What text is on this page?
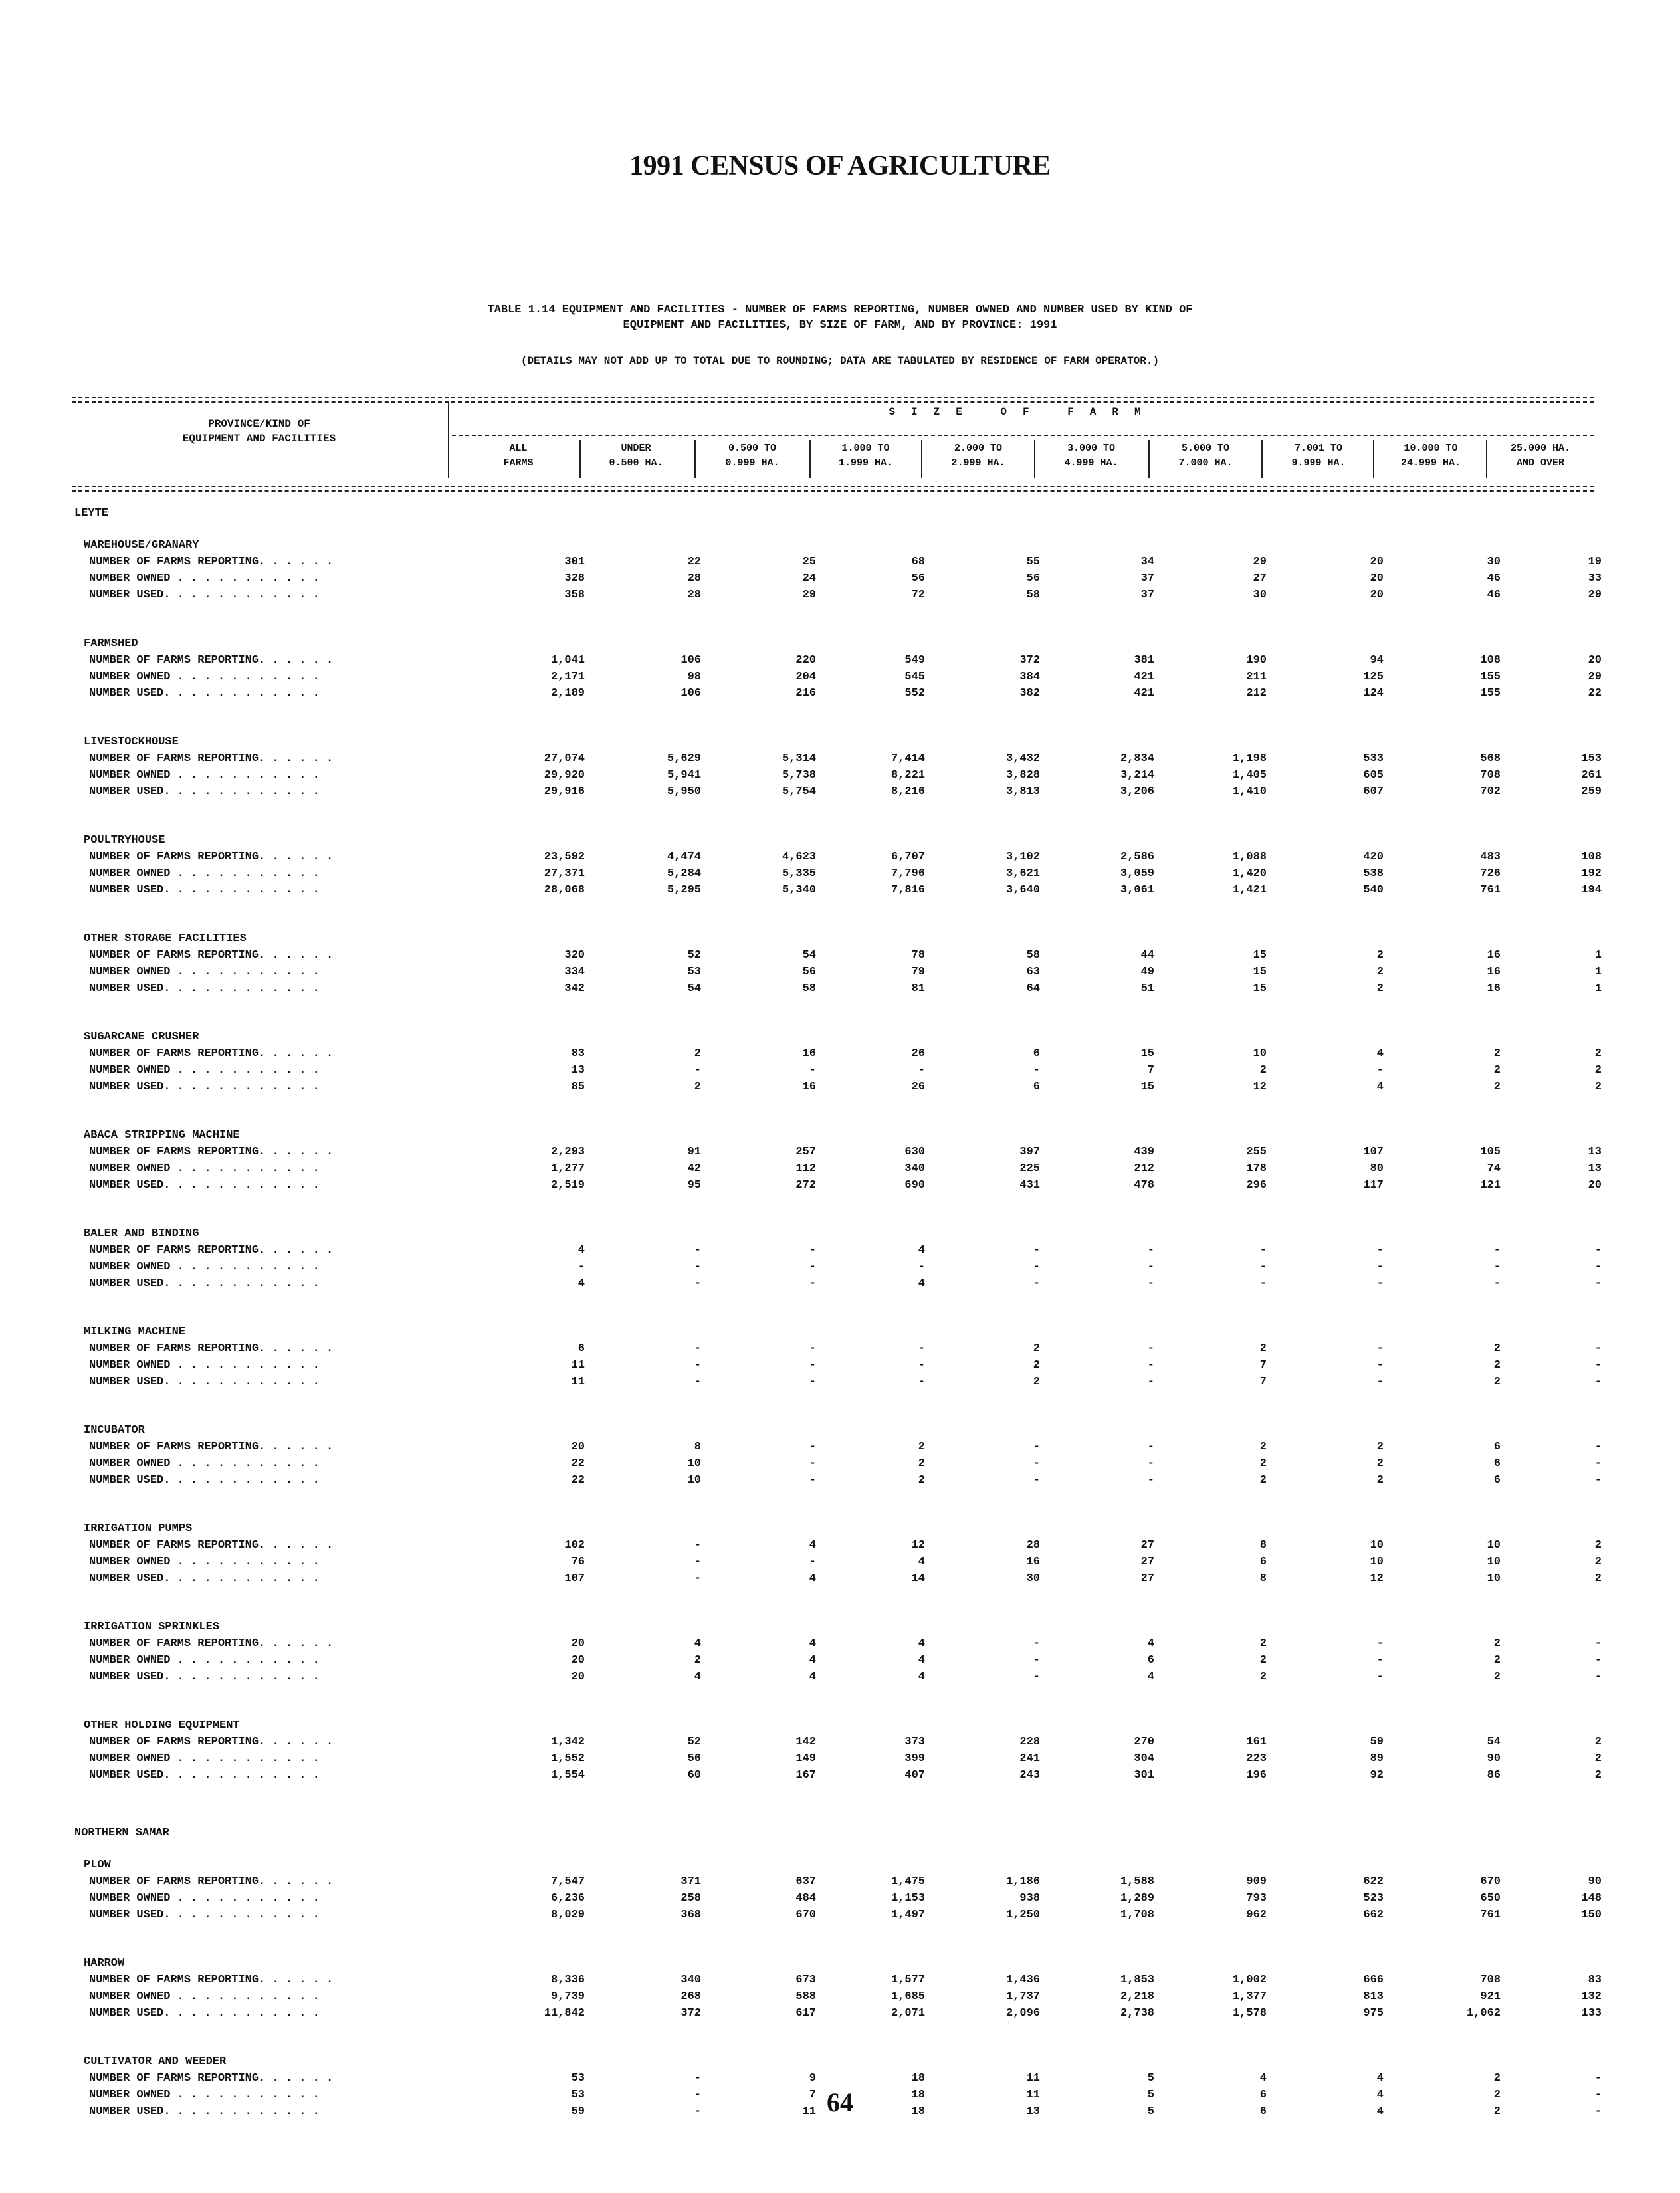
1991 CENSUS OF AGRICULTURE
TABLE 1.14 EQUIPMENT AND FACILITIES - NUMBER OF FARMS REPORTING, NUMBER OWNED AND NUMBER USED BY KIND OF
EQUIPMENT AND FACILITIES, BY SIZE OF FARM, AND BY PROVINCE: 1991
(DETAILS MAY NOT ADD UP TO TOTAL DUE TO ROUNDING; DATA ARE TABULATED BY RESIDENCE OF FARM OPERATOR.)
PROVINCE/KIND OF
EQUIPMENT AND FACILITIES
SIZE OF FARM
ALL
FARMS
UNDER
0.500 HA.
0.500 TO
0.999 HA.
1.000 TO
1.999 HA.
2.000 TO
2.999 HA.
3.000 TO
4.999 HA.
5.000 TO
7.000 HA.
7.001 TO
9.999 HA.
10.000 TO
24.999 HA.
25.000 HA.
AND OVER
LEYTE
WAREHOUSE/GRANARY
NUMBER OF FARMS REPORTING. . . . . .	301	22	25	68	55	34	29	20	30	19
NUMBER OWNED . . . . . . . . . . .	328	28	24	56	56	37	27	20	46	33
NUMBER USED. . . . . . . . . . . .	358	28	29	72	58	37	30	20	46	29
FARMSHED
NUMBER OF FARMS REPORTING. . . . . .	1,041	106	220	549	372	381	190	94	108	20
NUMBER OWNED . . . . . . . . . . .	2,171	98	204	545	384	421	211	125	155	29
NUMBER USED. . . . . . . . . . . .	2,189	106	216	552	382	421	212	124	155	22
LIVESTOCKHOUSE
NUMBER OF FARMS REPORTING. . . . . .	27,074	5,629	5,314	7,414	3,432	2,834	1,198	533	568	153
NUMBER OWNED . . . . . . . . . . .	29,920	5,941	5,738	8,221	3,828	3,214	1,405	605	708	261
NUMBER USED. . . . . . . . . . . .	29,916	5,950	5,754	8,216	3,813	3,206	1,410	607	702	259
POULTRYHOUSE
NUMBER OF FARMS REPORTING. . . . . .	23,592	4,474	4,623	6,707	3,102	2,586	1,088	420	483	108
NUMBER OWNED . . . . . . . . . . .	27,371	5,284	5,335	7,796	3,621	3,059	1,420	538	726	192
NUMBER USED. . . . . . . . . . . .	28,068	5,295	5,340	7,816	3,640	3,061	1,421	540	761	194
OTHER STORAGE FACILITIES
NUMBER OF FARMS REPORTING. . . . . .	320	52	54	78	58	44	15	2	16	1
NUMBER OWNED . . . . . . . . . . .	334	53	56	79	63	49	15	2	16	1
NUMBER USED. . . . . . . . . . . .	342	54	58	81	64	51	15	2	16	1
SUGARCANE CRUSHER
NUMBER OF FARMS REPORTING. . . . . .	83	2	16	26	6	15	10	4	2	2
NUMBER OWNED . . . . . . . . . . .	13	-	-	-	-	7	2	-	2	2
NUMBER USED. . . . . . . . . . . .	85	2	16	26	6	15	12	4	2	2
ABACA STRIPPING MACHINE
NUMBER OF FARMS REPORTING. . . . . .	2,293	91	257	630	397	439	255	107	105	13
NUMBER OWNED . . . . . . . . . . .	1,277	42	112	340	225	212	178	80	74	13
NUMBER USED. . . . . . . . . . . .	2,519	95	272	690	431	478	296	117	121	20
BALER AND BINDING
NUMBER OF FARMS REPORTING. . . . . .	4	-	-	4	-	-	-	-	-	-
NUMBER OWNED . . . . . . . . . . .	-	-	-	-	-	-	-	-	-	-
NUMBER USED. . . . . . . . . . . .	4	-	-	4	-	-	-	-	-	-
MILKING MACHINE
NUMBER OF FARMS REPORTING. . . . . .	6	-	-	-	2	-	2	-	2	-
NUMBER OWNED . . . . . . . . . . .	11	-	-	-	2	-	7	-	2	-
NUMBER USED. . . . . . . . . . . .	11	-	-	-	2	-	7	-	2	-
INCUBATOR
NUMBER OF FARMS REPORTING. . . . . .	20	8	-	2	-	-	2	2	6	-
NUMBER OWNED . . . . . . . . . . .	22	10	-	2	-	-	2	2	6	-
NUMBER USED. . . . . . . . . . . .	22	10	-	2	-	-	2	2	6	-
IRRIGATION PUMPS
NUMBER OF FARMS REPORTING. . . . . .	102	-	4	12	28	27	8	10	10	2
NUMBER OWNED . . . . . . . . . . .	76	-	-	4	16	27	6	10	10	2
NUMBER USED. . . . . . . . . . . .	107	-	4	14	30	27	8	12	10	2
IRRIGATION SPRINKLES
NUMBER OF FARMS REPORTING. . . . . .	20	4	4	4	-	4	2	-	2	-
NUMBER OWNED . . . . . . . . . . .	20	2	4	4	-	6	2	-	2	-
NUMBER USED. . . . . . . . . . . .	20	4	4	4	-	4	2	-	2	-
OTHER HOLDING EQUIPMENT
NUMBER OF FARMS REPORTING. . . . . .	1,342	52	142	373	228	270	161	59	54	2
NUMBER OWNED . . . . . . . . . . .	1,552	56	149	399	241	304	223	89	90	2
NUMBER USED. . . . . . . . . . . .	1,554	60	167	407	243	301	196	92	86	2
NORTHERN SAMAR
PLOW
NUMBER OF FARMS REPORTING. . . . . .	7,547	371	637	1,475	1,186	1,588	909	622	670	90
NUMBER OWNED . . . . . . . . . . .	6,236	258	484	1,153	938	1,289	793	523	650	148
NUMBER USED. . . . . . . . . . . .	8,029	368	670	1,497	1,250	1,708	962	662	761	150
HARROW
NUMBER OF FARMS REPORTING. . . . . .	8,336	340	673	1,577	1,436	1,853	1,002	666	708	83
NUMBER OWNED . . . . . . . . . . .	9,739	268	588	1,685	1,737	2,218	1,377	813	921	132
NUMBER USED. . . . . . . . . . . .	11,842	372	617	2,071	2,096	2,738	1,578	975	1,062	133
CULTIVATOR AND WEEDER
NUMBER OF FARMS REPORTING. . . . . .	53	-	9	18	11	5	4	4	2	-
NUMBER OWNED . . . . . . . . . . .	53	-	7	18	11	5	6	4	2	-
NUMBER USED. . . . . . . . . . . .	59	-	11	18	13	5	6	4	2	-
64
